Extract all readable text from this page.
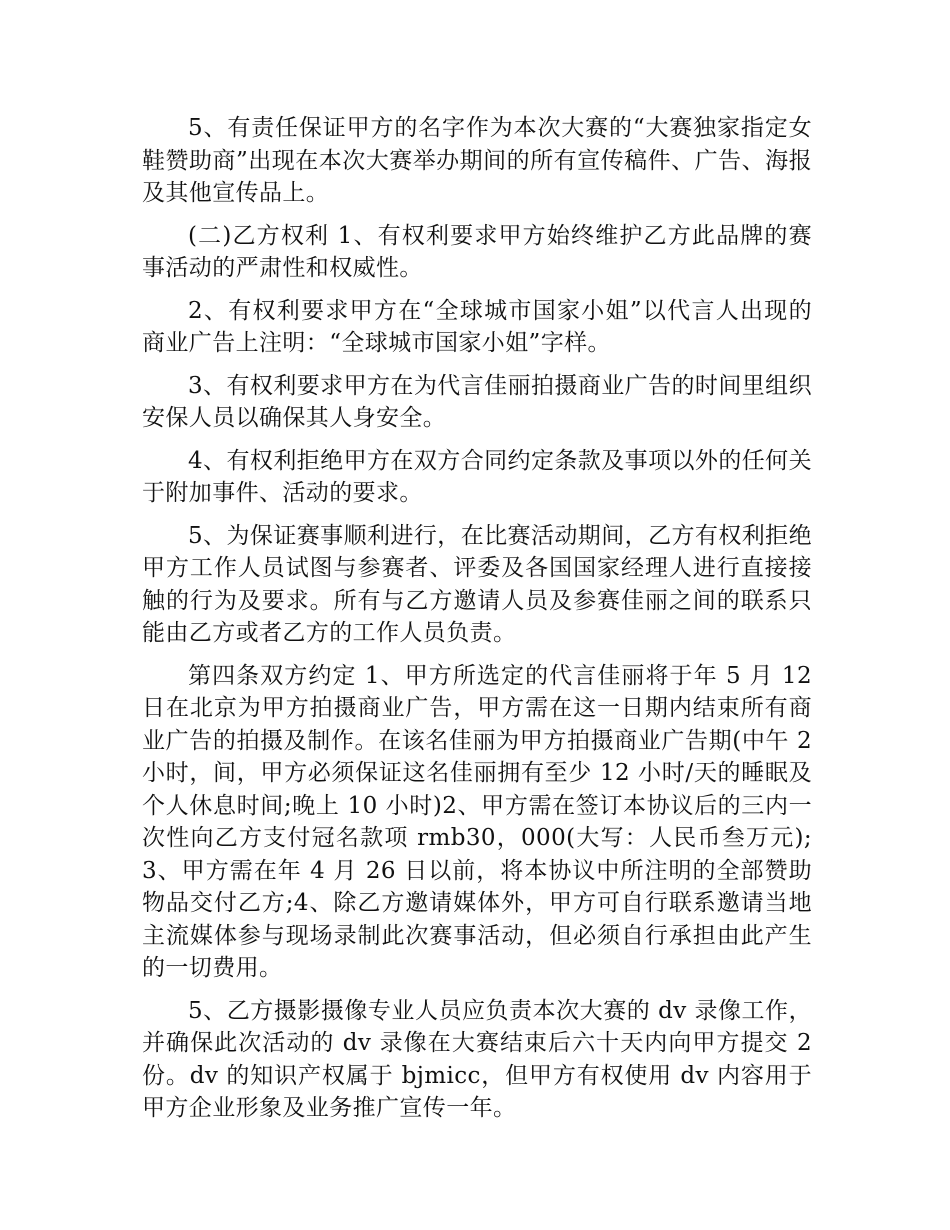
5、有责任保证甲方的名字作为本次大赛的“大赛独家指定女鞋赞助商”出现在本次大赛举办期间的所有宣传稿件、广告、海报及其他宣传品上。

(二)乙方权利 1、有权利要求甲方始终维护乙方此品牌的赛事活动的严肃性和权威性。

2、有权利要求甲方在“全球城市国家小姐”以代言人出现的商业广告上注明：“全球城市国家小姐”字样。

3、有权利要求甲方在为代言佳丽拍摄商业广告的时间里组织安保人员以确保其人身安全。

4、有权利拒绝甲方在双方合同约定条款及事项以外的任何关于附加事件、活动的要求。

5、为保证赛事顺利进行，在比赛活动期间，乙方有权利拒绝甲方工作人员试图与参赛者、评委及各国国家经理人进行直接接触的行为及要求。所有与乙方邀请人员及参赛佳丽之间的联系只能由乙方或者乙方的工作人员负责。

第四条双方约定 1、甲方所选定的代言佳丽将于年 5 月 12 日在北京为甲方拍摄商业广告，甲方需在这一日期内结束所有商业广告的拍摄及制作。在该名佳丽为甲方拍摄商业广告期(中午 2 小时，间，甲方必须保证这名佳丽拥有至少 12 小时/天的睡眠及个人休息时间;晚上 10 小时)2、甲方需在签订本协议后的三内一次性向乙方支付冠名款项 rmb30，000(大写：人民币叁万元);3、甲方需在年 4 月 26 日以前，将本协议中所注明的全部赞助物品交付乙方;4、除乙方邀请媒体外，甲方可自行联系邀请当地主流媒体参与现场录制此次赛事活动，但必须自行承担由此产生的一切费用。

5、乙方摄影摄像专业人员应负责本次大赛的 dv 录像工作，并确保此次活动的 dv 录像在大赛结束后六十天内向甲方提交 2 份。dv 的知识产权属于 bjmicc，但甲方有权使用 dv 内容用于甲方企业形象及业务推广宣传一年。
